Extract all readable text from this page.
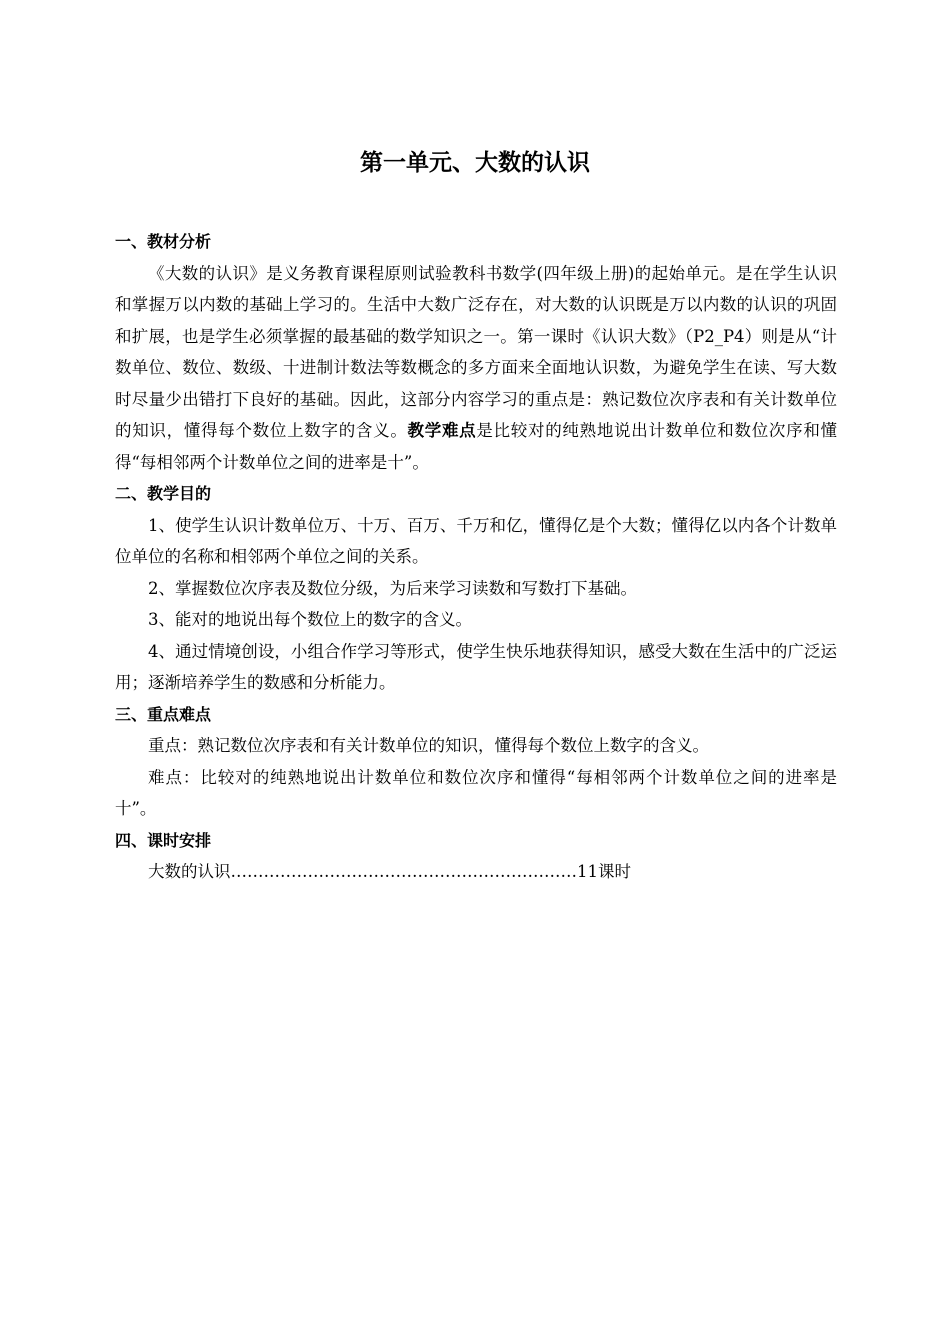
第一单元、大数的认识

一、教材分析

《大数的认识》是义务教育课程原则试验教科书数学(四年级上册)的起始单元。是在学生认识和掌握万以内数的基础上学习的。生活中大数广泛存在，对大数的认识既是万以内数的认识的巩固和扩展，也是学生必须掌握的最基础的数学知识之一。第一课时《认识大数》（P2_P4）则是从“计数单位、数位、数级、十进制计数法等数概念的多方面来全面地认识数，为避免学生在读、写大数时尽量少出错打下良好的基础。因此，这部分内容学习的重点是：熟记数位次序表和有关计数单位的知识，懂得每个数位上数字的含义。教学难点是比较对的纯熟地说出计数单位和数位次序和懂得“每相邻两个计数单位之间的进率是十”。

二、教学目的

1、使学生认识计数单位万、十万、百万、千万和亿，懂得亿是个大数；懂得亿以内各个计数单位单位的名称和相邻两个单位之间的关系。

2、掌握数位次序表及数位分级，为后来学习读数和写数打下基础。

3、能对的地说出每个数位上的数字的含义。

4、通过情境创设，小组合作学习等形式，使学生快乐地获得知识，感受大数在生活中的广泛运用；逐渐培养学生的数感和分析能力。

三、重点难点

重点：熟记数位次序表和有关计数单位的知识，懂得每个数位上数字的含义。

难点：比较对的纯熟地说出计数单位和数位次序和懂得“每相邻两个计数单位之间的进率是十”。

四、课时安排

大数的认识………………………………………………………11课时
